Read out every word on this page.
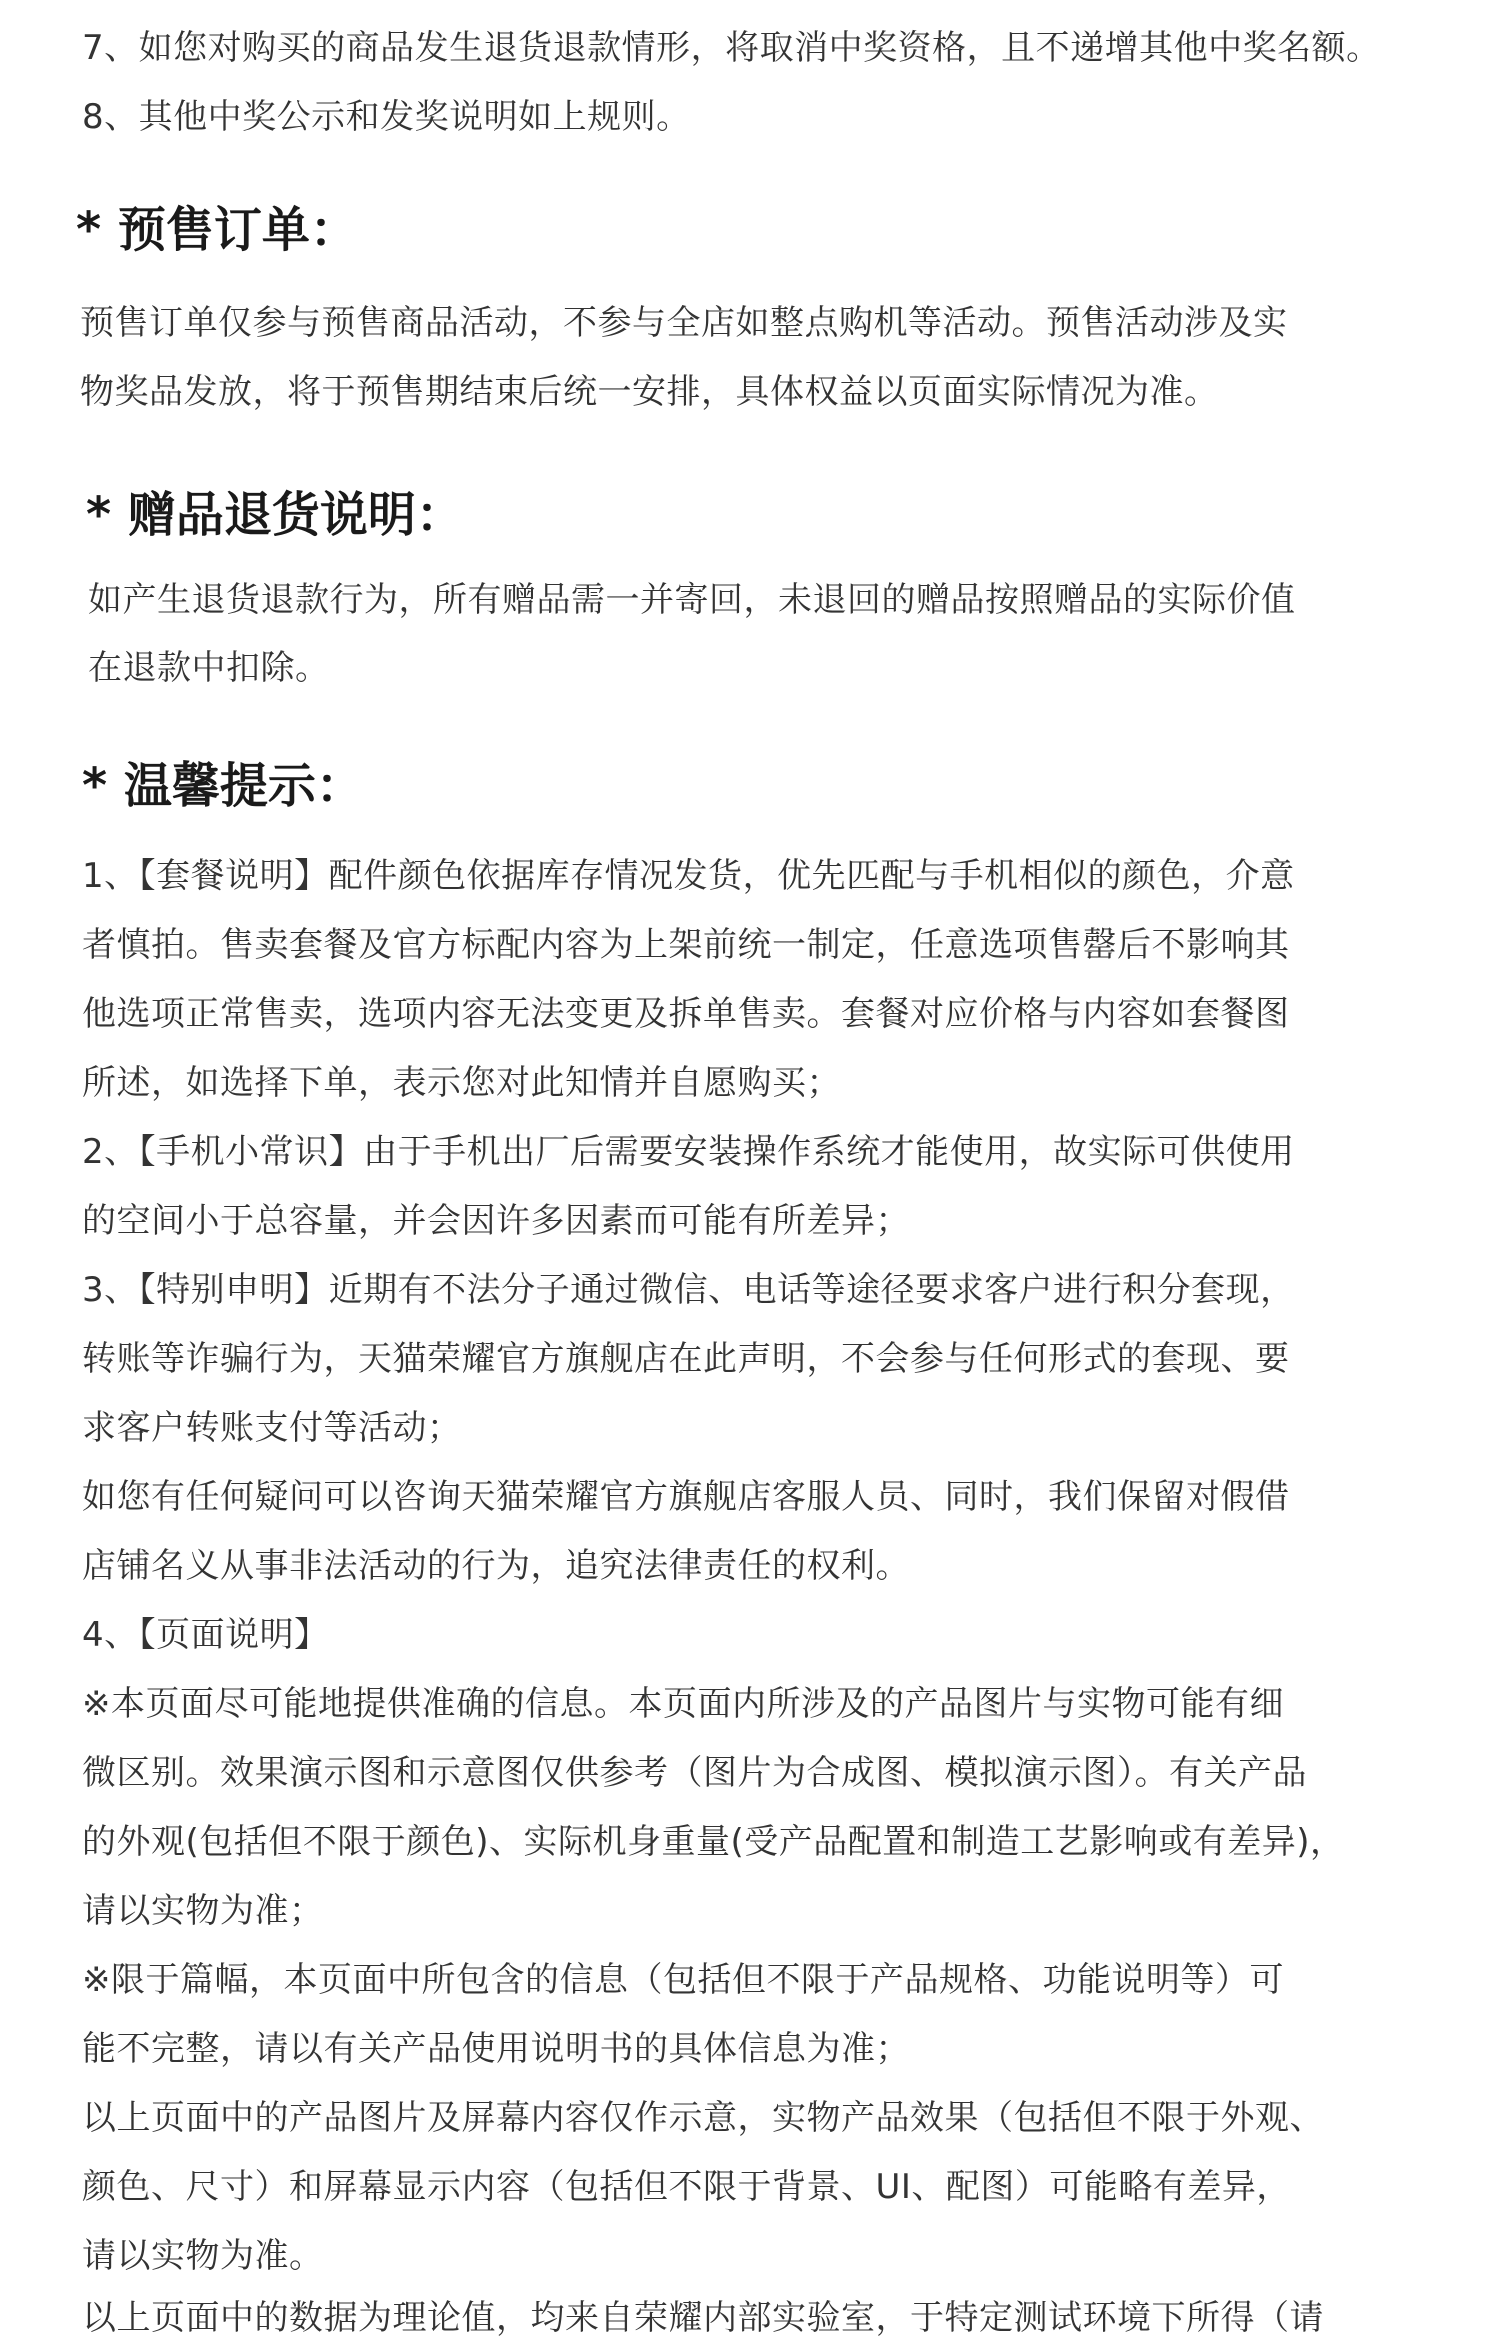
7、如您对购买的商品发生退货退款情形，将取消中奖资格，且不递增其他中奖名额。
8、其他中奖公示和发奖说明如上规则。
* 预售订单：
预售订单仅参与预售商品活动，不参与全店如整点购机等活动。预售活动涉及实
物奖品发放，将于预售期结束后统一安排，具体权益以页面实际情况为准。
* 赠品退货说明：
如产生退货退款行为，所有赠品需一并寄回，未退回的赠品按照赠品的实际价值
在退款中扣除。
* 温馨提示：
1、【套餐说明】配件颜色依据库存情况发货，优先匹配与手机相似的颜色，介意
者慎拍。售卖套餐及官方标配内容为上架前统一制定，任意选项售罄后不影响其
他选项正常售卖，选项内容无法变更及拆单售卖。套餐对应价格与内容如套餐图
所述，如选择下单，表示您对此知情并自愿购买；
2、【手机小常识】由于手机出厂后需要安装操作系统才能使用，故实际可供使用
的空间小于总容量，并会因许多因素而可能有所差异；
3、【特别申明】近期有不法分子通过微信、电话等途径要求客户进行积分套现，
转账等诈骗行为，天猫荣耀官方旗舰店在此声明，不会参与任何形式的套现、要
求客户转账支付等活动；
如您有任何疑问可以咨询天猫荣耀官方旗舰店客服人员、同时，我们保留对假借
店铺名义从事非法活动的行为，追究法律责任的权利。
4、【页面说明】
※本页面尽可能地提供准确的信息。本页面内所涉及的产品图片与实物可能有细
微区别。效果演示图和示意图仅供参考（图片为合成图、模拟演示图）。有关产品
的外观(包括但不限于颜色)、实际机身重量(受产品配置和制造工艺影响或有差异)，
请以实物为准；
※限于篇幅，本页面中所包含的信息（包括但不限于产品规格、功能说明等）可
能不完整，请以有关产品使用说明书的具体信息为准；
以上页面中的产品图片及屏幕内容仅作示意，实物产品效果（包括但不限于外观、
颜色、尺寸）和屏幕显示内容（包括但不限于背景、UI、配图）可能略有差异，
请以实物为准。
以上页面中的数据为理论值，均来自荣耀内部实验室，于特定测试环境下所得（请
